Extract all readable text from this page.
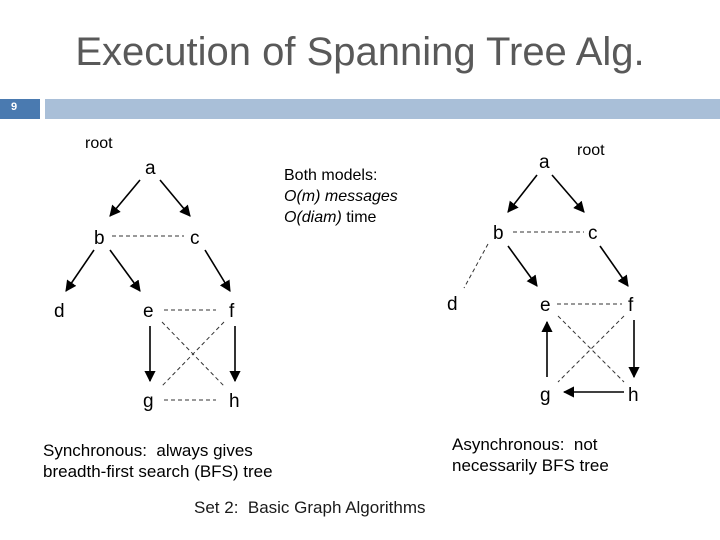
Execution of Spanning Tree Alg.
9
root
a
b	c
d	e	f
g	h
a
root
b	c
d	e	f
g	h
Both models:
O(m) messages
O(diam) time
Synchronous:  always gives
breadth-first search (BFS) tree
Asynchronous:  not
necessarily BFS tree
Set 2:  Basic Graph Algorithms
